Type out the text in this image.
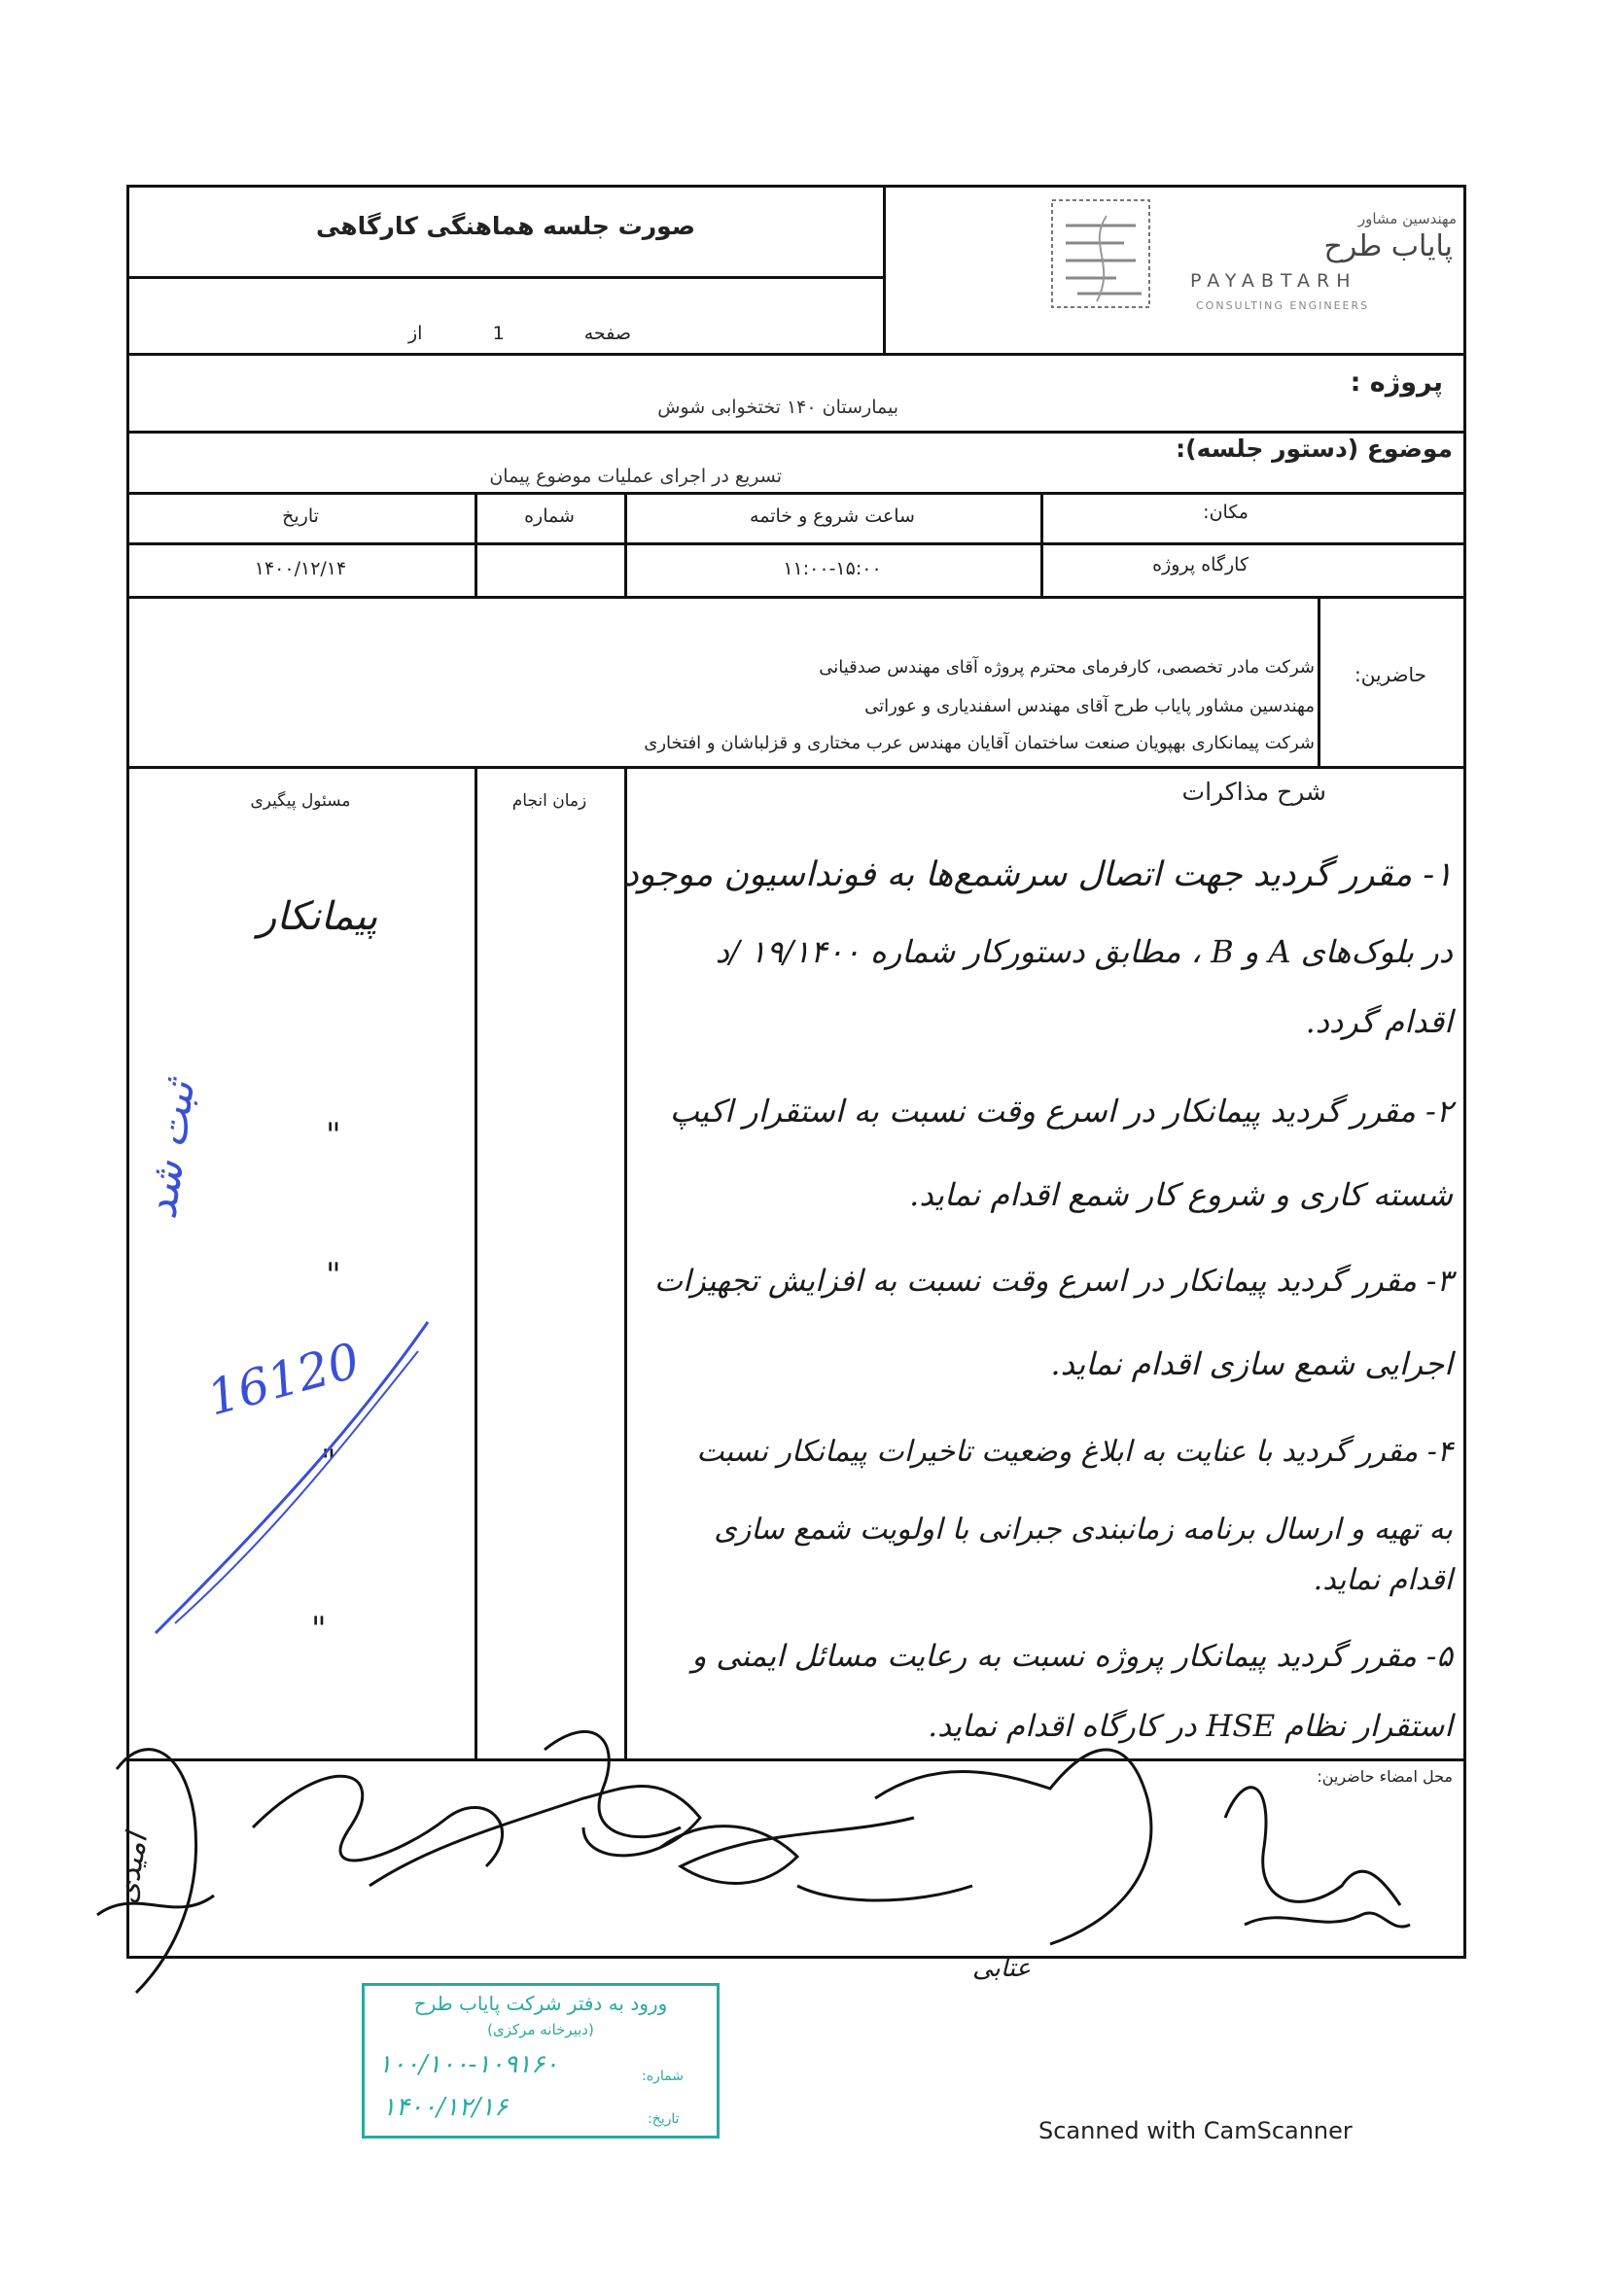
صورت جلسه هماهنگی کارگاهی
صفحه  1  از
مهندسین مشاور
پایاب طرح
PAYABTARH
CONSULTING ENGINEERS
پروژه :
بیمارستان ۱۴۰ تختخوابی شوش
موضوع (دستور جلسه):
تسریع در اجرای عملیات موضوع پیمان
مکان:
کارگاه پروژه
ساعت شروع و خاتمه
۱۱:۰۰-۱۵:۰۰
شماره
تاریخ
۱۴۰۰/۱۲/۱۴
حاضرین:
شرکت مادر تخصصی، کارفرمای محترم پروژه آقای مهندس صدقیانی
مهندسین مشاور پایاب طرح آقای مهندس اسفندیاری و عوراتی
شرکت پیمانکاری بهپویان صنعت ساختمان آقایان مهندس عرب مختاری و قزلباشان و افتخاری
شرح مذاکرات
زمان انجام
مسئول پیگیری
۱- مقرر گردید جهت اتصال سرشمع‌ها به فونداسیون موجود
در بلوک‌های A و B ، مطابق دستورکار شماره ۱۹/۱۴۰۰ /د
اقدام گردد.
۲- مقرر گردید پیمانکار در اسرع وقت نسبت به استقرار اکیپ
شسته کاری و شروع کار شمع اقدام نماید.
۳- مقرر گردید پیمانکار در اسرع وقت نسبت به افزایش تجهیزات
اجرایی شمع سازی اقدام نماید.
۴- مقرر گردید با عنایت به ابلاغ وضعیت تاخیرات پیمانکار نسبت
به تهیه و ارسال برنامه زمانبندی جبرانی با اولویت شمع سازی
اقدام نماید.
۵- مقرر گردید پیمانکار پروژه نسبت به رعایت مسائل ایمنی و
استقرار نظام HSE در کارگاه اقدام نماید.
پیمانکار
"
"
"
"
ثبت شد
16120
محل امضاء حاضرین:
امیدی
عتابی
ورود به دفتر شرکت پایاب طرح
(دبیرخانه مرکزی)
۱۰۰/۱۰۰-۱۰۹۱۶۰
۱۴۰۰/۱۲/۱۶
شماره:
تاریخ:	Scanned with CamScanner
